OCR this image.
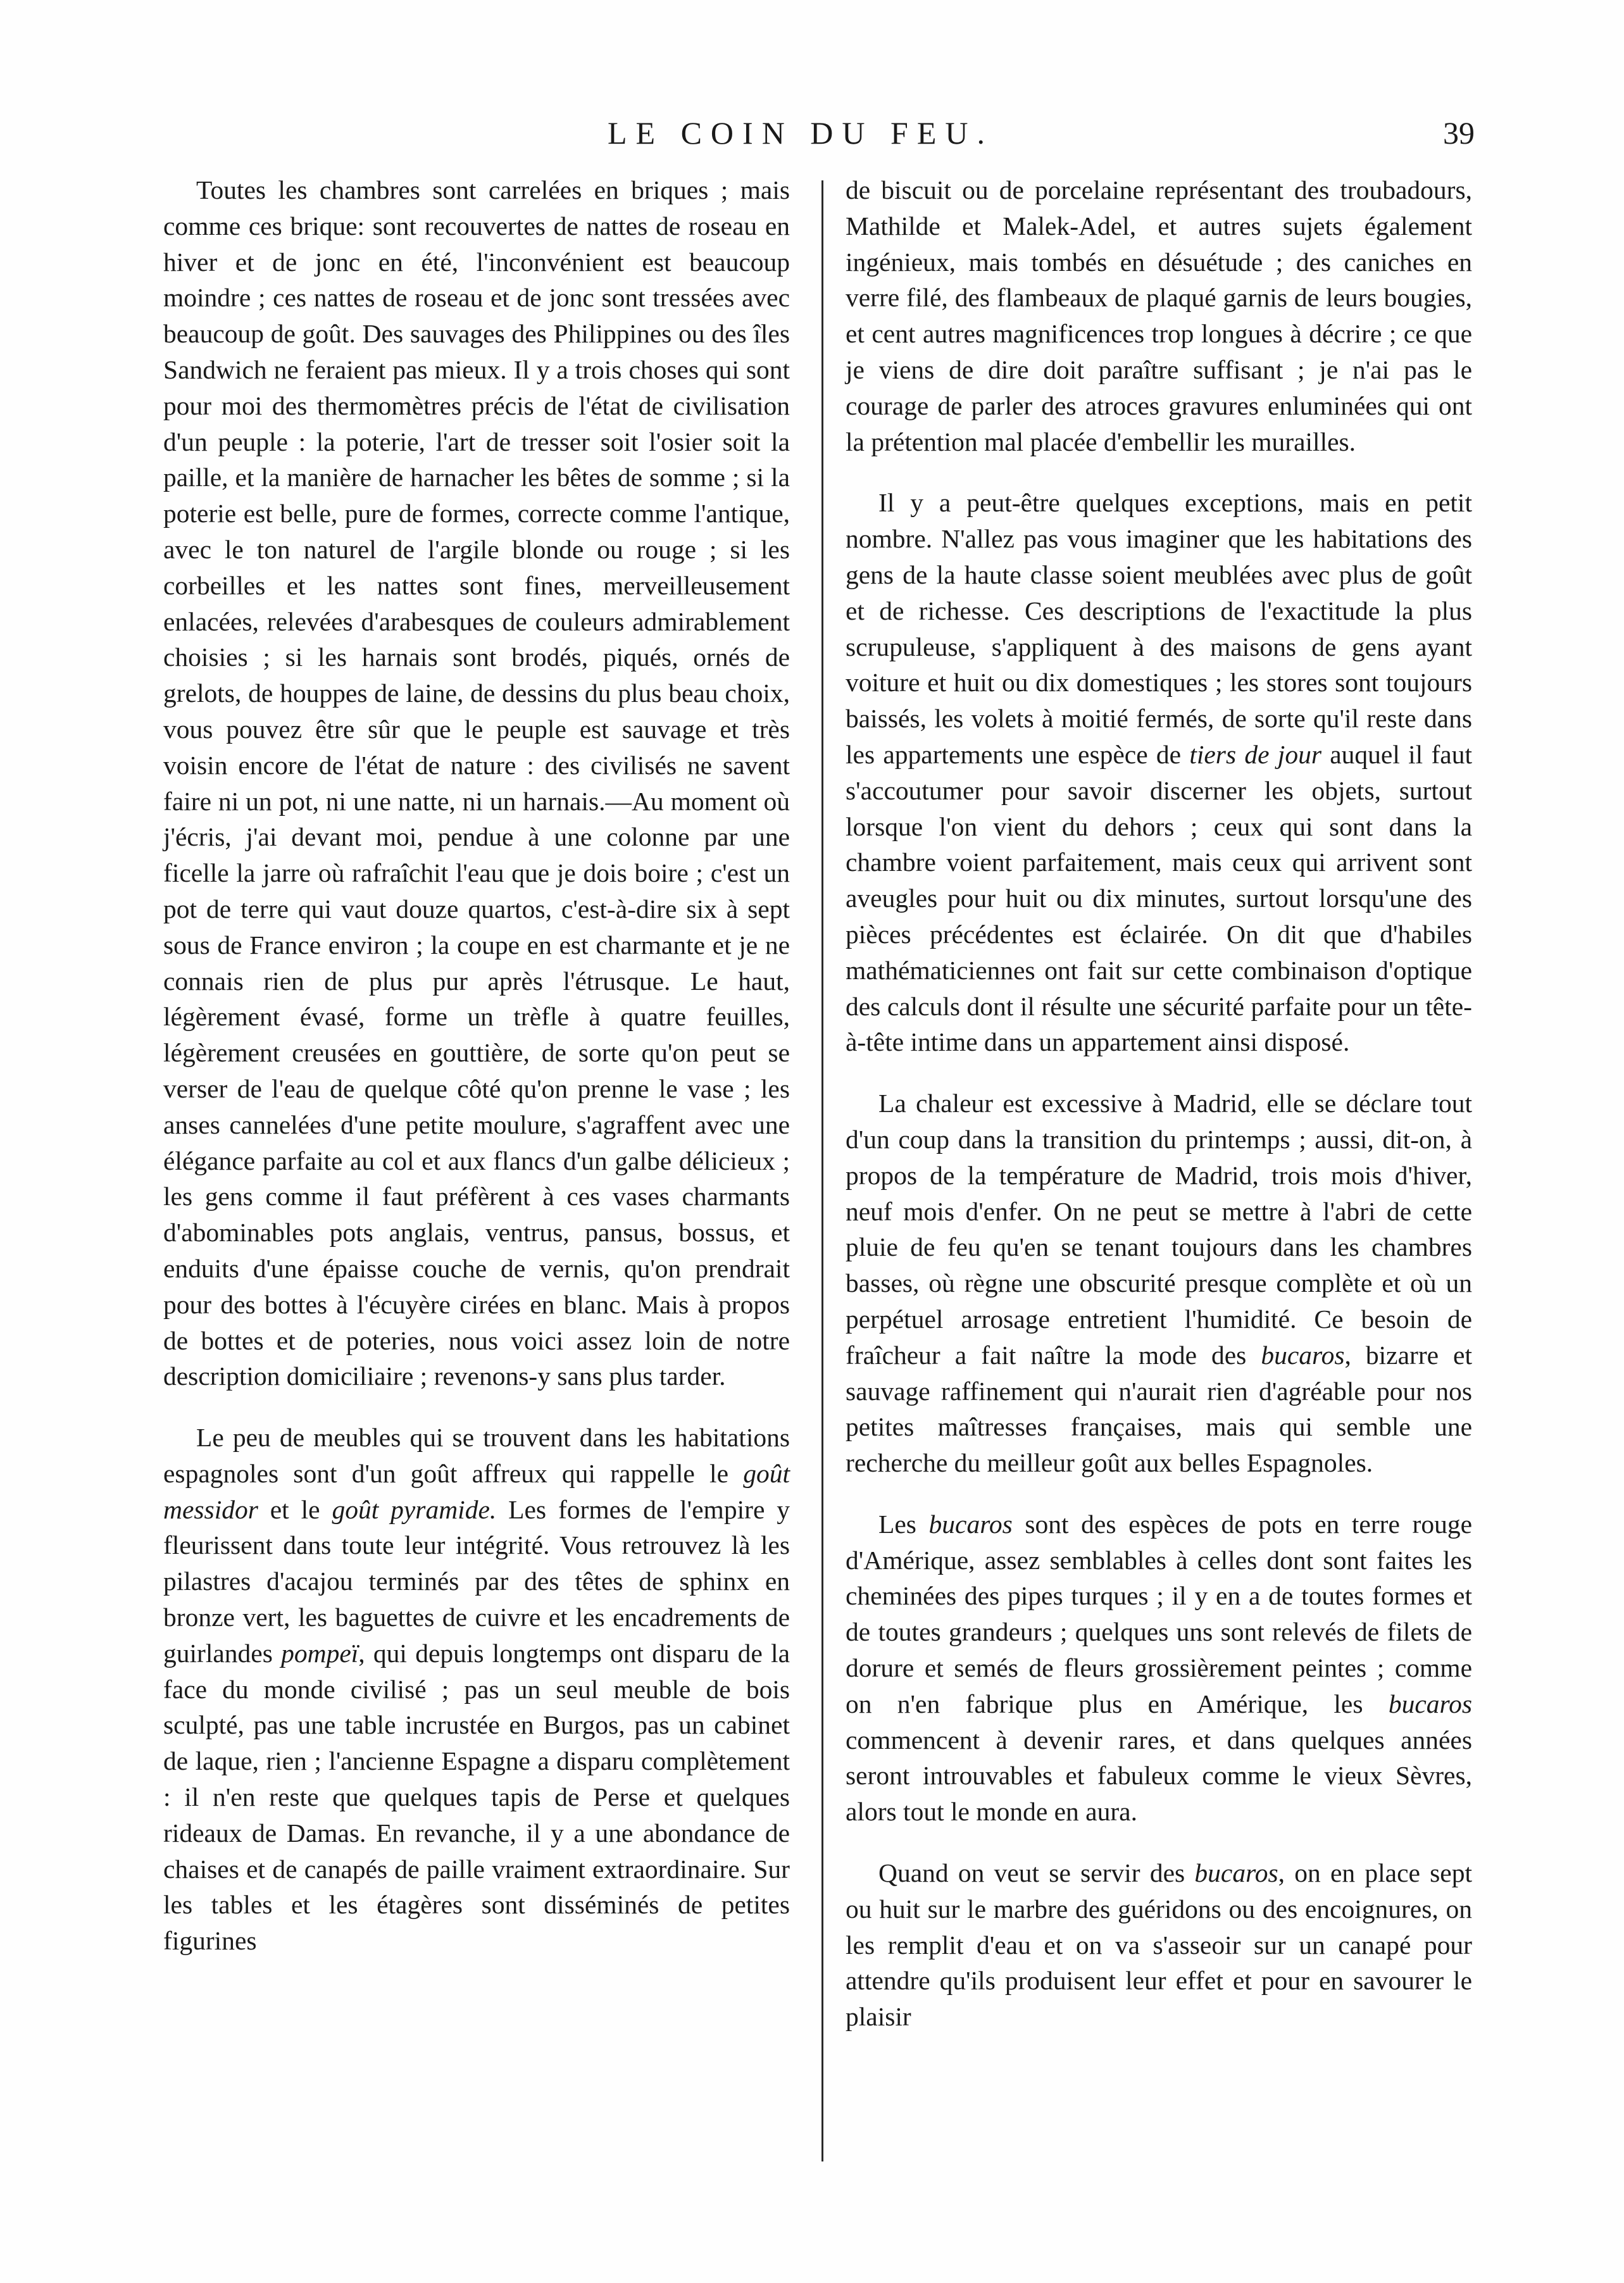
LE COIN DU FEU.	39

Toutes les chambres sont carrelées en briques ; mais comme ces brique: sont recouvertes de nattes de roseau en hiver et de jonc en été, l'inconvénient est beaucoup moindre ; ces nattes de roseau et de jonc sont tressées avec beaucoup de goût. Des sauvages des Philippines ou des îles Sandwich ne feraient pas mieux. Il y a trois choses qui sont pour moi des thermomètres précis de l'état de civilisation d'un peuple : la poterie, l'art de tresser soit l'osier soit la paille, et la manière de harnacher les bêtes de somme ; si la poterie est belle, pure de formes, correcte comme l'antique, avec le ton naturel de l'argile blonde ou rouge ; si les corbeilles et les nattes sont fines, merveilleusement enlacées, relevées d'arabesques de couleurs admirablement choisies ; si les harnais sont brodés, piqués, ornés de grelots, de houppes de laine, de dessins du plus beau choix, vous pouvez être sûr que le peuple est sauvage et très voisin encore de l'état de nature : des civilisés ne savent faire ni un pot, ni une natte, ni un harnais.—Au moment où j'écris, j'ai devant moi, pendue à une colonne par une ficelle la jarre où rafraîchit l'eau que je dois boire ; c'est un pot de terre qui vaut douze quartos, c'est-à-dire six à sept sous de France environ ; la coupe en est charmante et je ne connais rien de plus pur après l'étrusque. Le haut, légèrement évasé, forme un trèfle à quatre feuilles, légèrement creusées en gouttière, de sorte qu'on peut se verser de l'eau de quelque côté qu'on prenne le vase ; les anses cannelées d'une petite moulure, s'agraffent avec une élégance parfaite au col et aux flancs d'un galbe délicieux ; les gens comme il faut préfèrent à ces vases charmants d'abominables pots anglais, ventrus, pansus, bossus, et enduits d'une épaisse couche de vernis, qu'on prendrait pour des bottes à l'écuyère cirées en blanc. Mais à propos de bottes et de poteries, nous voici assez loin de notre description domiciliaire ; revenons-y sans plus tarder.

Le peu de meubles qui se trouvent dans les habitations espagnoles sont d'un goût affreux qui rappelle le goût messidor et le goût pyramide. Les formes de l'empire y fleurissent dans toute leur intégrité. Vous retrouvez là les pilastres d'acajou terminés par des têtes de sphinx en bronze vert, les baguettes de cuivre et les encadrements de guirlandes pompeï, qui depuis longtemps ont disparu de la face du monde civilisé ; pas un seul meuble de bois sculpté, pas une table incrustée en Burgos, pas un cabinet de laque, rien ; l'ancienne Espagne a disparu complètement : il n'en reste que quelques tapis de Perse et quelques rideaux de Damas. En revanche, il y a une abondance de chaises et de canapés de paille vraiment extraordinaire. Sur les tables et les étagères sont disséminés de petites figurines

de biscuit ou de porcelaine représentant des troubadours, Mathilde et Malek-Adel, et autres sujets également ingénieux, mais tombés en désuétude ; des caniches en verre filé, des flambeaux de plaqué garnis de leurs bougies, et cent autres magnificences trop longues à décrire ; ce que je viens de dire doit paraître suffisant ; je n'ai pas le courage de parler des atroces gravures enluminées qui ont la prétention mal placée d'embellir les murailles.

Il y a peut-être quelques exceptions, mais en petit nombre. N'allez pas vous imaginer que les habitations des gens de la haute classe soient meublées avec plus de goût et de richesse. Ces descriptions de l'exactitude la plus scrupuleuse, s'appliquent à des maisons de gens ayant voiture et huit ou dix domestiques ; les stores sont toujours baissés, les volets à moitié fermés, de sorte qu'il reste dans les appartements une espèce de tiers de jour auquel il faut s'accoutumer pour savoir discerner les objets, surtout lorsque l'on vient du dehors ; ceux qui sont dans la chambre voient parfaitement, mais ceux qui arrivent sont aveugles pour huit ou dix minutes, surtout lorsqu'une des pièces précédentes est éclairée. On dit que d'habiles mathématiciennes ont fait sur cette combinaison d'optique des calculs dont il résulte une sécurité parfaite pour un tête-à-tête intime dans un appartement ainsi disposé.

La chaleur est excessive à Madrid, elle se déclare tout d'un coup dans la transition du printemps ; aussi, dit-on, à propos de la température de Madrid, trois mois d'hiver, neuf mois d'enfer. On ne peut se mettre à l'abri de cette pluie de feu qu'en se tenant toujours dans les chambres basses, où règne une obscurité presque complète et où un perpétuel arrosage entretient l'humidité. Ce besoin de fraîcheur a fait naître la mode des bucaros, bizarre et sauvage raffinement qui n'aurait rien d'agréable pour nos petites maîtresses françaises, mais qui semble une recherche du meilleur goût aux belles Espagnoles.

Les bucaros sont des espèces de pots en terre rouge d'Amérique, assez semblables à celles dont sont faites les cheminées des pipes turques ; il y en a de toutes formes et de toutes grandeurs ; quelques uns sont relevés de filets de dorure et semés de fleurs grossièrement peintes ; comme on n'en fabrique plus en Amérique, les bucaros commencent à devenir rares, et dans quelques années seront introuvables et fabuleux comme le vieux Sèvres, alors tout le monde en aura.

Quand on veut se servir des bucaros, on en place sept ou huit sur le marbre des guéridons ou des encoignures, on les remplit d'eau et on va s'asseoir sur un canapé pour attendre qu'ils produisent leur effet et pour en savourer le plaisir
